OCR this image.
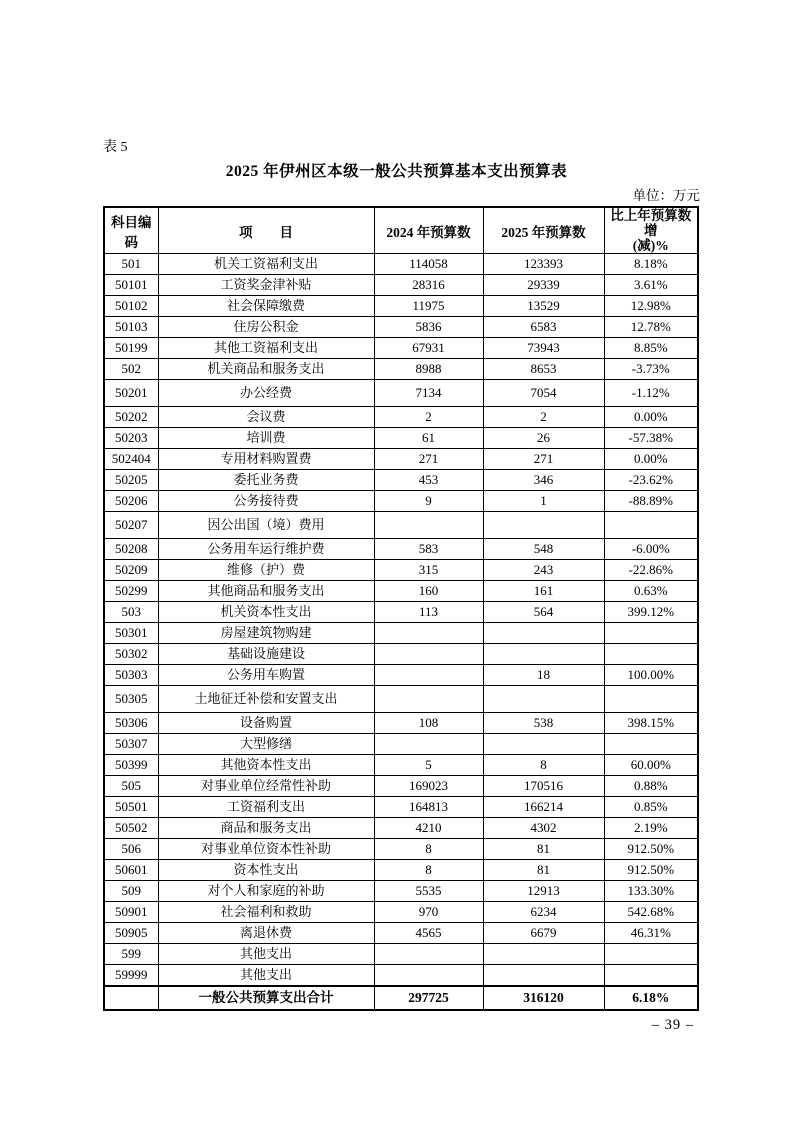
表 5
2025 年伊州区本级一般公共预算基本支出预算表
单位：万元
科目编码	项　　目	2024 年预算数	2025 年预算数	比上年预算数增
(减)%

501	机关工资福利支出	114058	123393	8.18%
50101	工资奖金津补贴	28316	29339	3.61%
50102	社会保障缴费	11975	13529	12.98%
50103	住房公积金	5836	6583	12.78%
50199	其他工资福利支出	67931	73943	8.85%
502	机关商品和服务支出	8988	8653	-3.73%
50201	办公经费	7134	7054	-1.12%
50202	会议费	2	2	0.00%
50203	培训费	61	26	-57.38%
502404	专用材料购置费	271	271	0.00%
50205	委托业务费	453	346	-23.62%
50206	公务接待费	9	1	-88.89%
50207	因公出国（境）费用			
50208	公务用车运行维护费	583	548	-6.00%
50209	维修（护）费	315	243	-22.86%
50299	其他商品和服务支出	160	161	0.63%
503	机关资本性支出	113	564	399.12%
50301	房屋建筑物购建			
50302	基础设施建设			
50303	公务用车购置		18	100.00%
50305	土地征迁补偿和安置支出			
50306	设备购置	108	538	398.15%
50307	大型修缮			
50399	其他资本性支出	5	8	60.00%
505	对事业单位经常性补助	169023	170516	0.88%
50501	工资福利支出	164813	166214	0.85%
50502	商品和服务支出	4210	4302	2.19%
506	对事业单位资本性补助	8	81	912.50%
50601	资本性支出	8	81	912.50%
509	对个人和家庭的补助	5535	12913	133.30%
50901	社会福利和救助	970	6234	542.68%
50905	离退休费	4565	6679	46.31%
599	其他支出			
59999	其他支出			
	一般公共预算支出合计	297725	316120	6.18%
– 39 –
